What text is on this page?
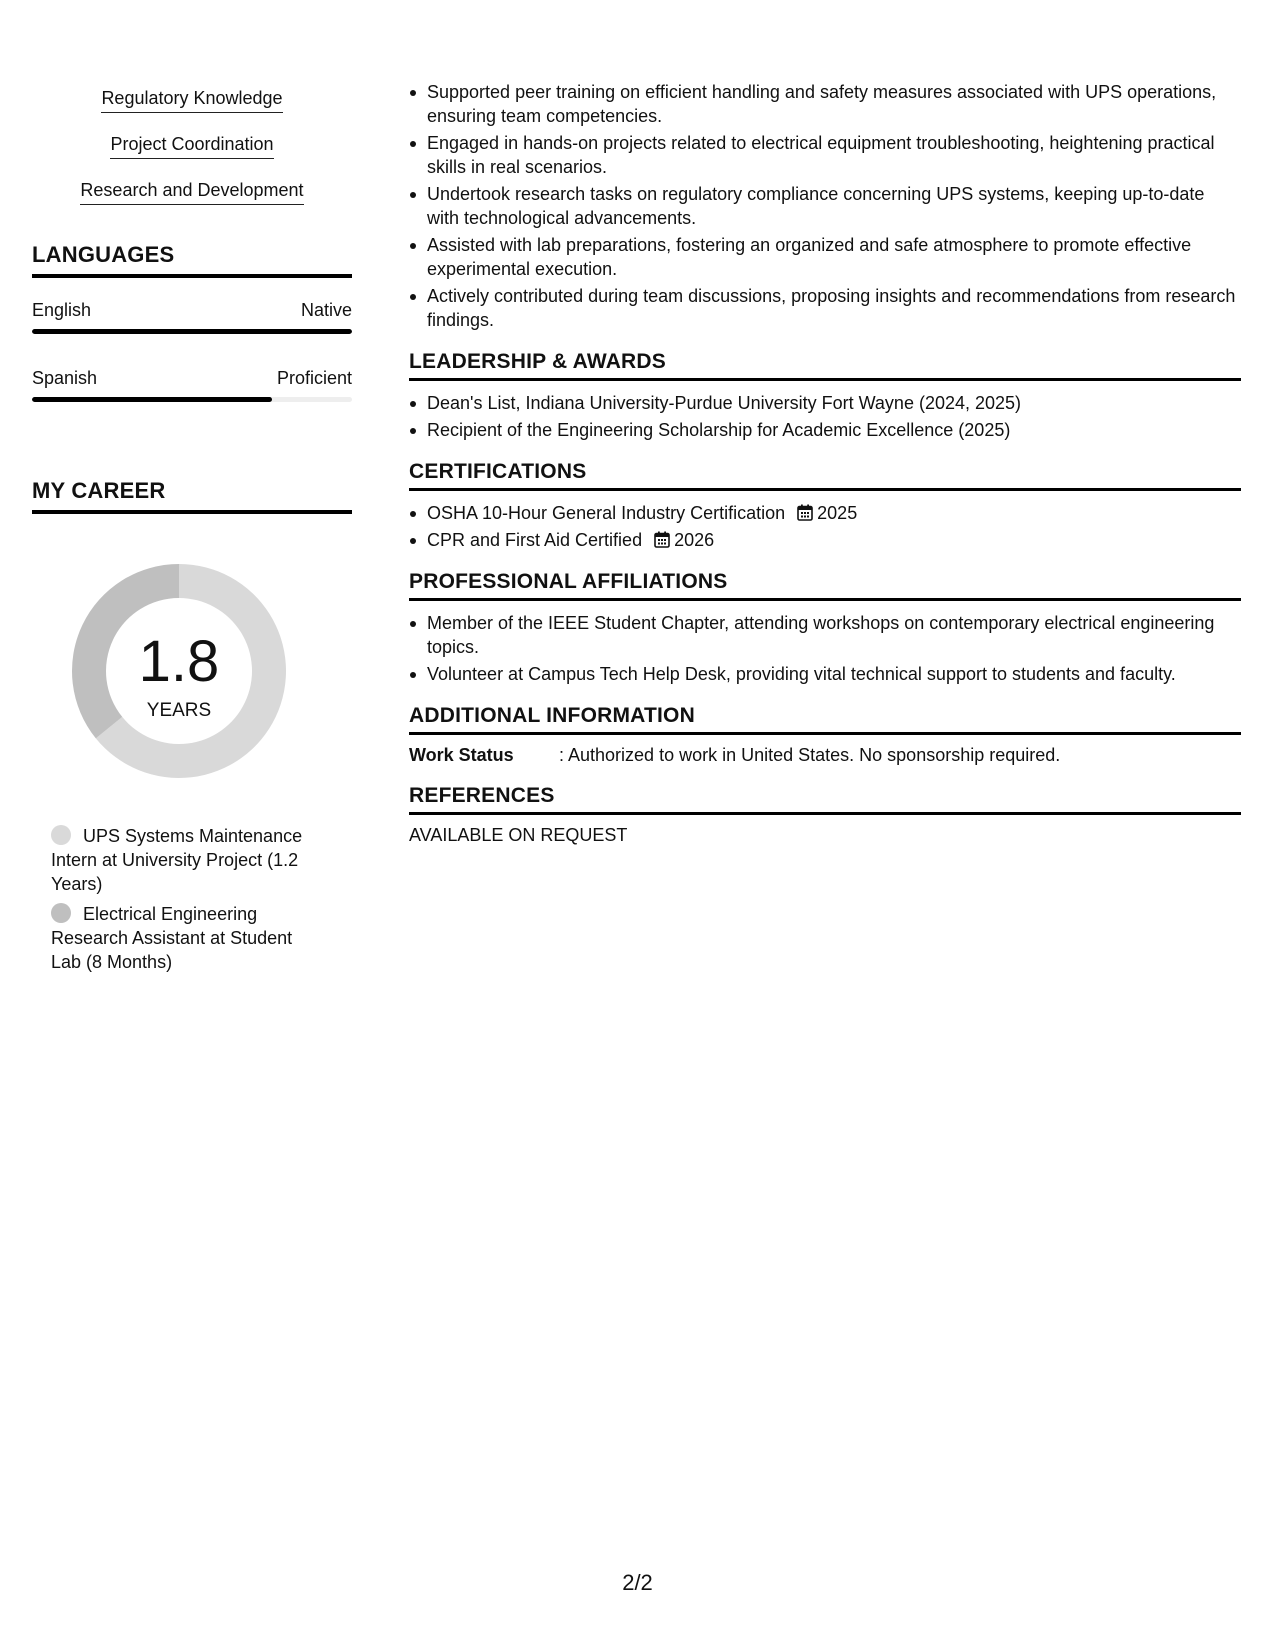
Regulatory Knowledge
Project Coordination
Research and Development
LANGUAGES
English	Native
Spanish	Proficient
MY CAREER
1.8
YEARS
UPS Systems Maintenance Intern at University Project (1.2 Years)
Electrical Engineering Research Assistant at Student Lab (8 Months)
Supported peer training on efficient handling and safety measures associated with UPS operations, ensuring team competencies.
Engaged in hands-on projects related to electrical equipment troubleshooting, heightening practical skills in real scenarios.
Undertook research tasks on regulatory compliance concerning UPS systems, keeping up-to-date with technological advancements.
Assisted with lab preparations, fostering an organized and safe atmosphere to promote effective experimental execution.
Actively contributed during team discussions, proposing insights and recommendations from research findings.
LEADERSHIP & AWARDS
Dean's List, Indiana University-Purdue University Fort Wayne (2024, 2025)
Recipient of the Engineering Scholarship for Academic Excellence (2025)
CERTIFICATIONS
OSHA 10-Hour General Industry Certification 2025
CPR and First Aid Certified 2026
PROFESSIONAL AFFILIATIONS
Member of the IEEE Student Chapter, attending workshops on contemporary electrical engineering topics.
Volunteer at Campus Tech Help Desk, providing vital technical support to students and faculty.
ADDITIONAL INFORMATION
Work Status	: Authorized to work in United States. No sponsorship required.
REFERENCES
AVAILABLE ON REQUEST
2/2
